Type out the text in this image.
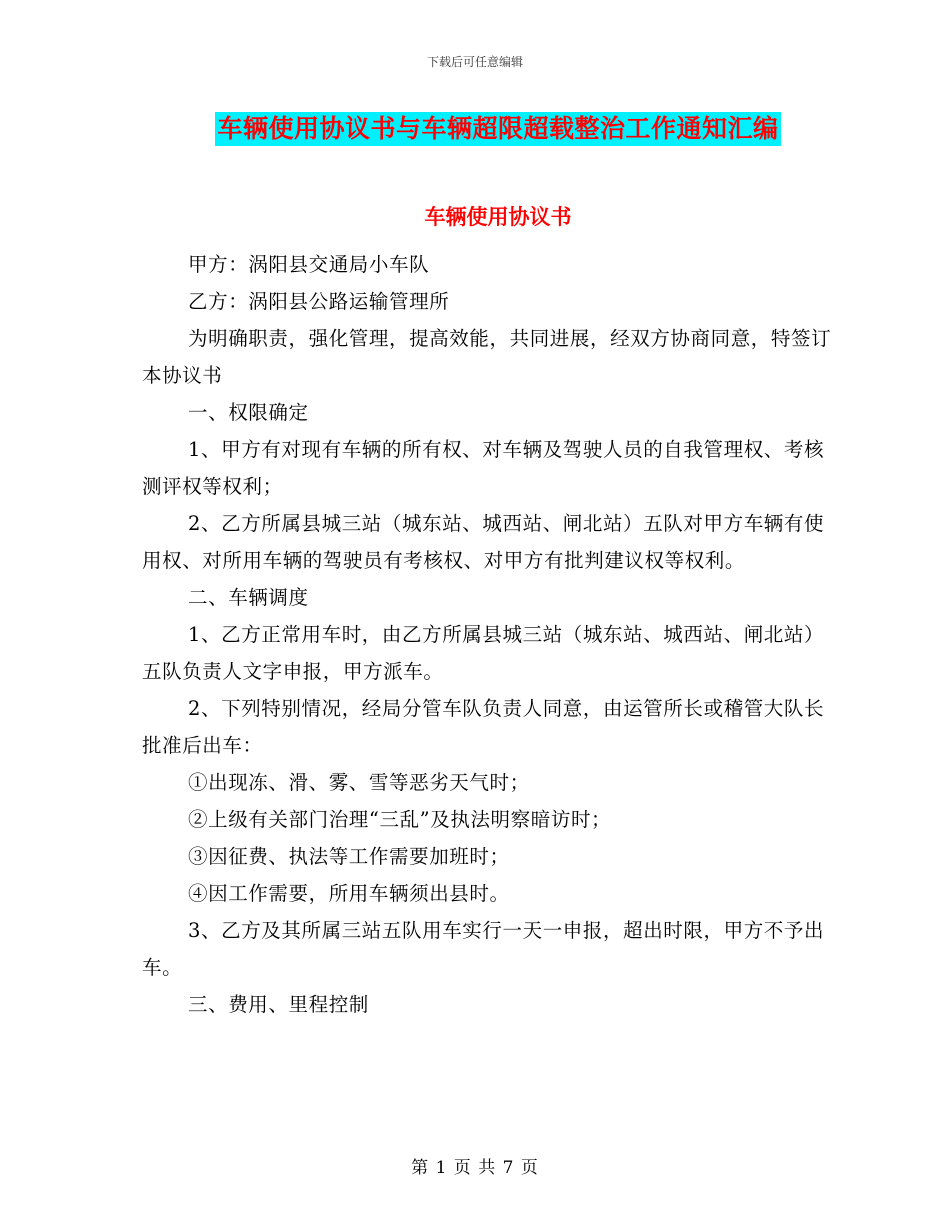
下载后可任意编辑
车辆使用协议书与车辆超限超载整治工作通知汇编
车辆使用协议书

甲方：涡阳县交通局小车队

乙方：涡阳县公路运输管理所

为明确职责，强化管理，提高效能，共同进展，经双方协商同意，特签订本协议书

一、权限确定

1、甲方有对现有车辆的所有权、对车辆及驾驶人员的自我管理权、考核测评权等权利；

2、乙方所属县城三站（城东站、城西站、闸北站）五队对甲方车辆有使用权、对所用车辆的驾驶员有考核权、对甲方有批判建议权等权利。

二、车辆调度

1、乙方正常用车时，由乙方所属县城三站（城东站、城西站、闸北站）五队负责人文字申报，甲方派车。

2、下列特别情况，经局分管车队负责人同意，由运管所长或稽管大队长批准后出车：

①出现冻、滑、雾、雪等恶劣天气时；

②上级有关部门治理“三乱”及执法明察暗访时；

③因征费、执法等工作需要加班时；

④因工作需要，所用车辆须出县时。

3、乙方及其所属三站五队用车实行一天一申报，超出时限，甲方不予出车。

三、费用、里程控制

第 1 页 共 7 页
